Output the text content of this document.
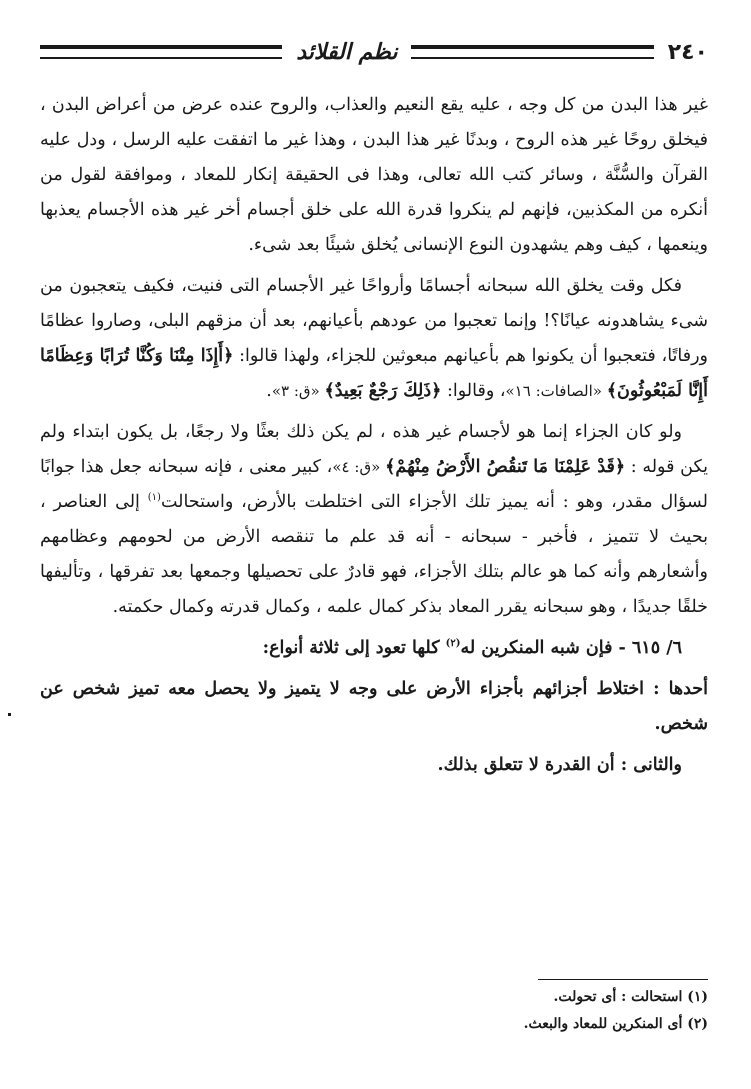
٢٤٠
نظم القلائد

غير هذا البدن من كل وجه ، عليه يقع النعيم والعذاب، والروح عنده عرض من أعراض البدن ، فيخلق روحًا غير هذه الروح ، وبدنًا غير هذا البدن ، وهذا غير ما اتفقت عليه الرسل ، ودل عليه القرآن والسُّنَّة ، وسائر كتب الله تعالى، وهذا فى الحقيقة إنكار للمعاد ، وموافقة لقول من أنكره من المكذبين، فإنهم لم ينكروا قدرة الله على خلق أجسام أخر غير هذه الأجسام يعذبها وينعمها ، كيف وهم يشهدون النوع الإنسانى يُخلق شيئًا بعد شىء.

فكل وقت يخلق الله سبحانه أجسامًا وأرواحًا غير الأجسام التى فنيت، فكيف يتعجبون من شىء يشاهدونه عيانًا؟! وإنما تعجبوا من عودهم بأعيانهم، بعد أن مزقهم البلى، وصاروا عظامًا ورفاتًا، فتعجبوا أن يكونوا هم بأعيانهم مبعوثين للجزاء، ولهذا قالوا: ﴿أَإِذَا مِتْنَا وَكُنَّا تُرَابًا وَعِظَامًا أَإِنَّا لَمَبْعُوثُونَ﴾ «الصافات: ١٦»، وقالوا: ﴿ذَلِكَ رَجْعٌ بَعِيدٌ﴾ «ق: ٣».

ولو كان الجزاء إنما هو لأجسام غير هذه ، لم يكن ذلك بعثًا ولا رجعًا، بل يكون ابتداء ولم يكن قوله : ﴿قَدْ عَلِمْنَا مَا تَنقُصُ الأَرْضُ مِنْهُمْ﴾ «ق: ٤»، كبير معنى ، فإنه سبحانه جعل هذا جوابًا لسؤال مقدر، وهو : أنه يميز تلك الأجزاء التى اختلطت بالأرض، واستحالت$^{(١)}$ إلى العناصر ، بحيث لا تتميز ، فأخبر - سبحانه - أنه قد علم ما تنقصه الأرض من لحومهم وعظامهم وأشعارهم وأنه كما هو عالم بتلك الأجزاء، فهو قادرٌ على تحصيلها وجمعها بعد تفرقها ، وتأليفها خلقًا جديدًا ، وهو سبحانه يقرر المعاد بذكر كمال علمه ، وكمال قدرته وكمال حكمته.

٦/ ٦١٥ - فإن شبه المنكرين له$^{(٢)}$ كلها تعود إلى ثلاثة أنواع:

أحدها : اختلاط أجزائهم بأجزاء الأرض على وجه لا يتميز ولا يحصل معه تميز شخص عن شخص.

والثانى : أن القدرة لا تتعلق بذلك.

(١) استحالت : أى تحولت.
(٢) أى المنكرين للمعاد والبعث.
